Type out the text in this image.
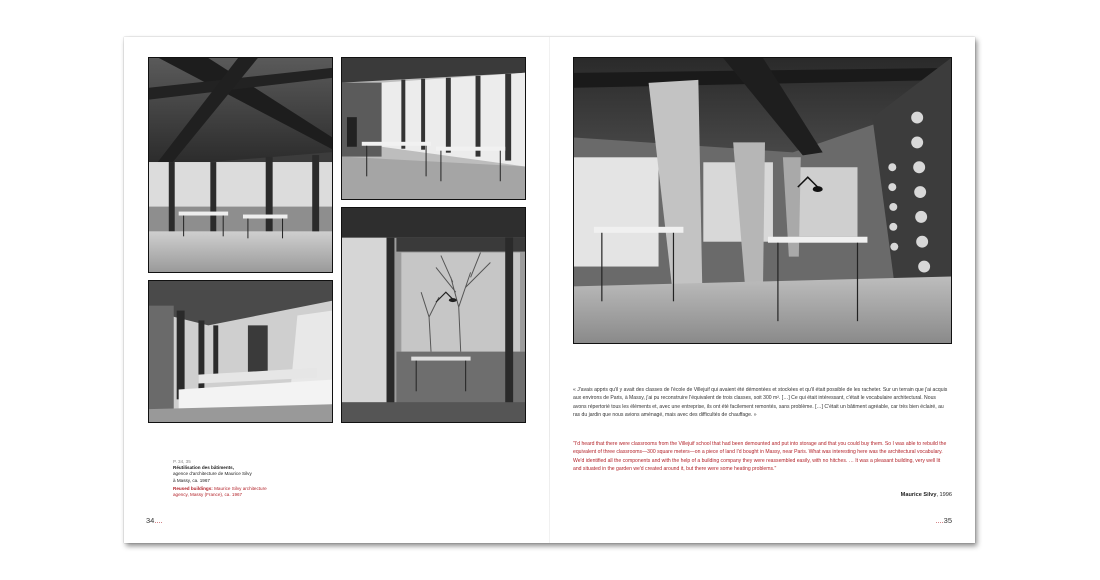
P. 34, 35
Réutilisation des bâtiments,
agence d'architecture de Maurice Silvy
à Massy, ca. 1967
Reused buildings: Maurice Silvy architecture
agency, Massy (France), ca. 1967
« J'avais appris qu'il y avait des classes de l'école de Villejuif qui avaient été démontées et stockées et qu'il était possible de les racheter. Sur un terrain que j'ai acquis aux environs de Paris, à Massy, j'ai pu reconstruire l'équivalent de trois classes, soit 300 m². […] Ce qui était intéressant, c'était le vocabulaire architectural. Nous avons répertorié tous les éléments et, avec une entreprise, ils ont été facilement remontés, sans problème. […] C'était un bâtiment agréable, car très bien éclairé, au ras du jardin que nous avions aménagé, mais avec des difficultés de chauffage. »
"I'd heard that there were classrooms from the Villejuif school that had been demounted and put into storage and that you could buy them. So I was able to rebuild the equivalent of three classrooms—300 square meters—on a piece of land I'd bought in Massy, near Paris. What was interesting here was the architectural vocabulary. We'd identified all the components and with the help of a building company they were reassembled easily, with no hitches. … It was a pleasant building, very well lit and situated in the garden we'd created around it, but there were some heating problems."
Maurice Silvy, 1996
34....	....35
